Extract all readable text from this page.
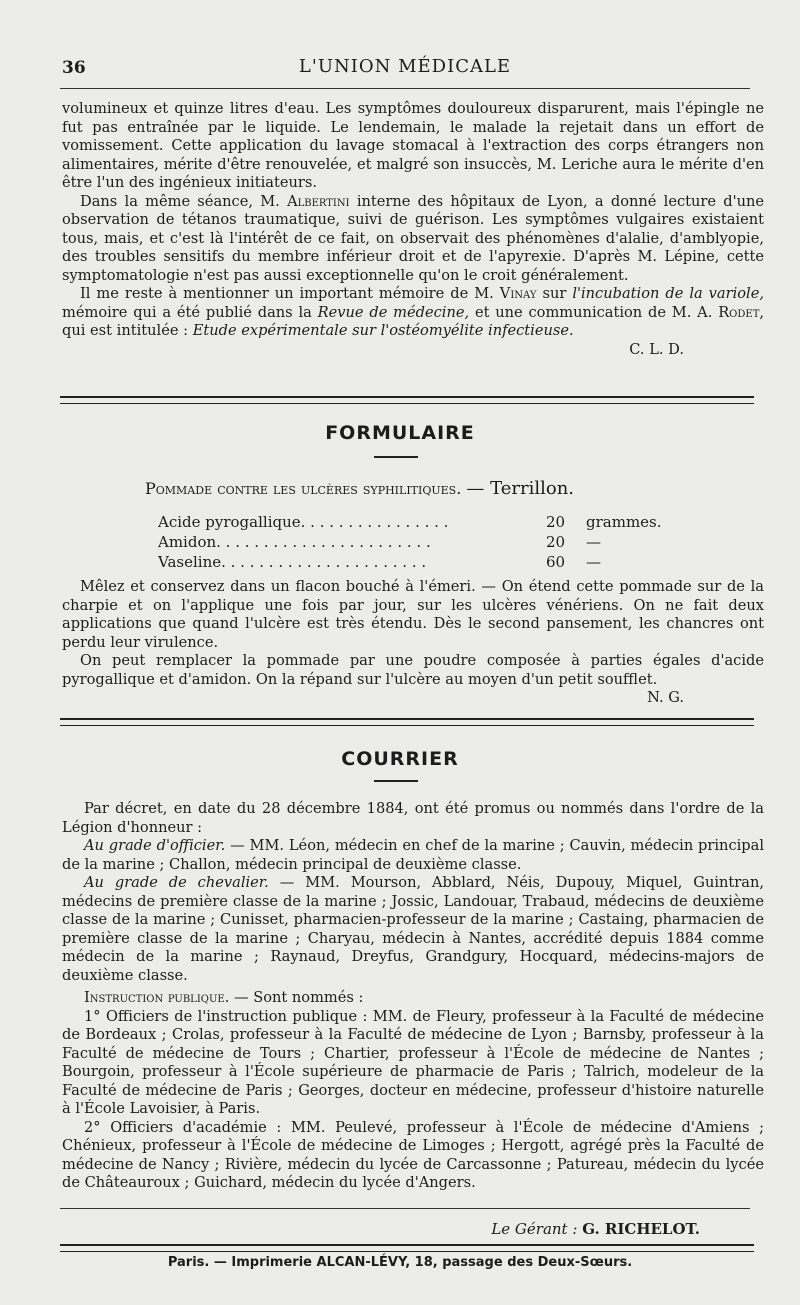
36	L'UNION MÉDICALE

volumineux et quinze litres d'eau. Les symptômes douloureux disparurent, mais l'épingle ne fut pas entraînée par le liquide. Le lendemain, le malade la rejetait dans un effort de vomissement. Cette application du lavage stomacal à l'extraction des corps étrangers non alimentaires, mérite d'être renouvelée, et malgré son insuccès, M. Leriche aura le mérite d'en être l'un des ingénieux initiateurs.

Dans la même séance, M. Albertini interne des hôpitaux de Lyon, a donné lecture d'une observation de tétanos traumatique, suivi de guérison. Les symptômes vulgaires existaient tous, mais, et c'est là l'intérêt de ce fait, on observait des phénomènes d'alalie, d'amblyopie, des troubles sensitifs du membre inférieur droit et de l'apyrexie. D'après M. Lépine, cette symptomatologie n'est pas aussi exceptionnelle qu'on le croit généralement.

Il me reste à mentionner un important mémoire de M. Vinay sur l'incubation de la variole, mémoire qui a été publié dans la Revue de médecine, et une communication de M. A. Rodet, qui est intitulée : Etude expérimentale sur l'ostéomyélite infectieuse.

C. L. D.

FORMULAIRE
Pommade contre les ulcères syphilitiques. — Terrillon.
Acide pyrogallique. . . . . . . . . . . . . . . .	20	grammes.
Amidon. . . . . . . . . . . . . . . . . . . . . . .	20	—
Vaseline. . . . . . . . . . . . . . . . . . . . . .	60	—

Mêlez et conservez dans un flacon bouché à l'émeri. — On étend cette pommade sur de la charpie et on l'applique une fois par jour, sur les ulcères vénériens. On ne fait deux applications que quand l'ulcère est très étendu. Dès le second pansement, les chancres ont perdu leur virulence.

On peut remplacer la pommade par une poudre composée à parties égales d'acide pyrogallique et d'amidon. On la répand sur l'ulcère au moyen d'un petit soufflet.

N. G.

COURRIER

Par décret, en date du 28 décembre 1884, ont été promus ou nommés dans l'ordre de la Légion d'honneur :

Au grade d'officier. — MM. Léon, médecin en chef de la marine ; Cauvin, médecin principal de la marine ; Challon, médecin principal de deuxième classe.

Au grade de chevalier. — MM. Mourson, Abblard, Néis, Dupouy, Miquel, Guintran, médecins de première classe de la marine ; Jossic, Landouar, Trabaud, médecins de deuxième classe de la marine ; Cunisset, pharmacien-professeur de la marine ; Castaing, pharmacien de première classe de la marine ; Charyau, médecin à Nantes, accrédité depuis 1884 comme médecin de la marine ; Raynaud, Dreyfus, Grandgury, Hocquard, médecins-majors de deuxième classe.

Instruction publique. — Sont nommés :

1° Officiers de l'instruction publique : MM. de Fleury, professeur à la Faculté de médecine de Bordeaux ; Crolas, professeur à la Faculté de médecine de Lyon ; Barnsby, professeur à la Faculté de médecine de Tours ; Chartier, professeur à l'École de médecine de Nantes ; Bourgoin, professeur à l'École supérieure de pharmacie de Paris ; Talrich, modeleur de la Faculté de médecine de Paris ; Georges, docteur en médecine, professeur d'histoire naturelle à l'École Lavoisier, à Paris.

2° Officiers d'académie : MM. Peulevé, professeur à l'École de médecine d'Amiens ; Chénieux, professeur à l'École de médecine de Limoges ; Hergott, agrégé près la Faculté de médecine de Nancy ; Rivière, médecin du lycée de Carcassonne ; Patureau, médecin du lycée de Châteauroux ; Guichard, médecin du lycée d'Angers.

Le Gérant : G. RICHELOT.
Paris. — Imprimerie ALCAN-LÉVY, 18, passage des Deux-Sœurs.
